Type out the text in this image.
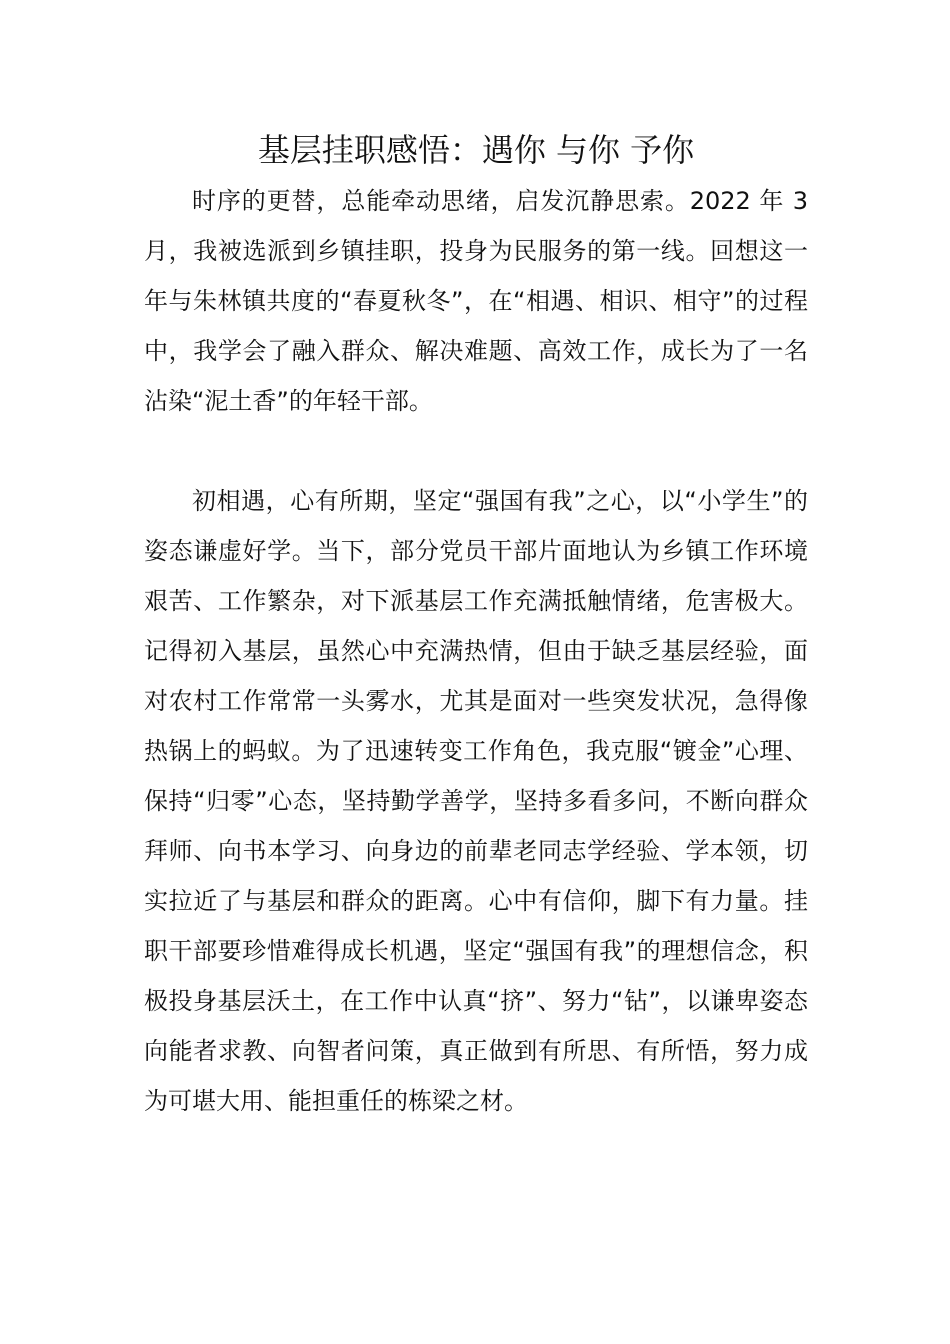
基层挂职感悟：遇你 与你 予你

时序的更替，总能牵动思绪，启发沉静思索。2022 年 3 月，我被选派到乡镇挂职，投身为民服务的第一线。回想这一年与朱林镇共度的“春夏秋冬”，在“相遇、相识、相守”的过程中，我学会了融入群众、解决难题、高效工作，成长为了一名沾染“泥土香”的年轻干部。

初相遇，心有所期，坚定“强国有我”之心，以“小学生”的姿态谦虚好学。当下，部分党员干部片面地认为乡镇工作环境艰苦、工作繁杂，对下派基层工作充满抵触情绪，危害极大。记得初入基层，虽然心中充满热情，但由于缺乏基层经验，面对农村工作常常一头雾水，尤其是面对一些突发状况，急得像热锅上的蚂蚁。为了迅速转变工作角色，我克服“镀金”心理、保持“归零”心态，坚持勤学善学，坚持多看多问，不断向群众拜师、向书本学习、向身边的前辈老同志学经验、学本领，切实拉近了与基层和群众的距离。心中有信仰，脚下有力量。挂职干部要珍惜难得成长机遇，坚定“强国有我”的理想信念，积极投身基层沃土，在工作中认真“挤”、努力“钻”，以谦卑姿态向能者求教、向智者问策，真正做到有所思、有所悟，努力成为可堪大用、能担重任的栋梁之材。
